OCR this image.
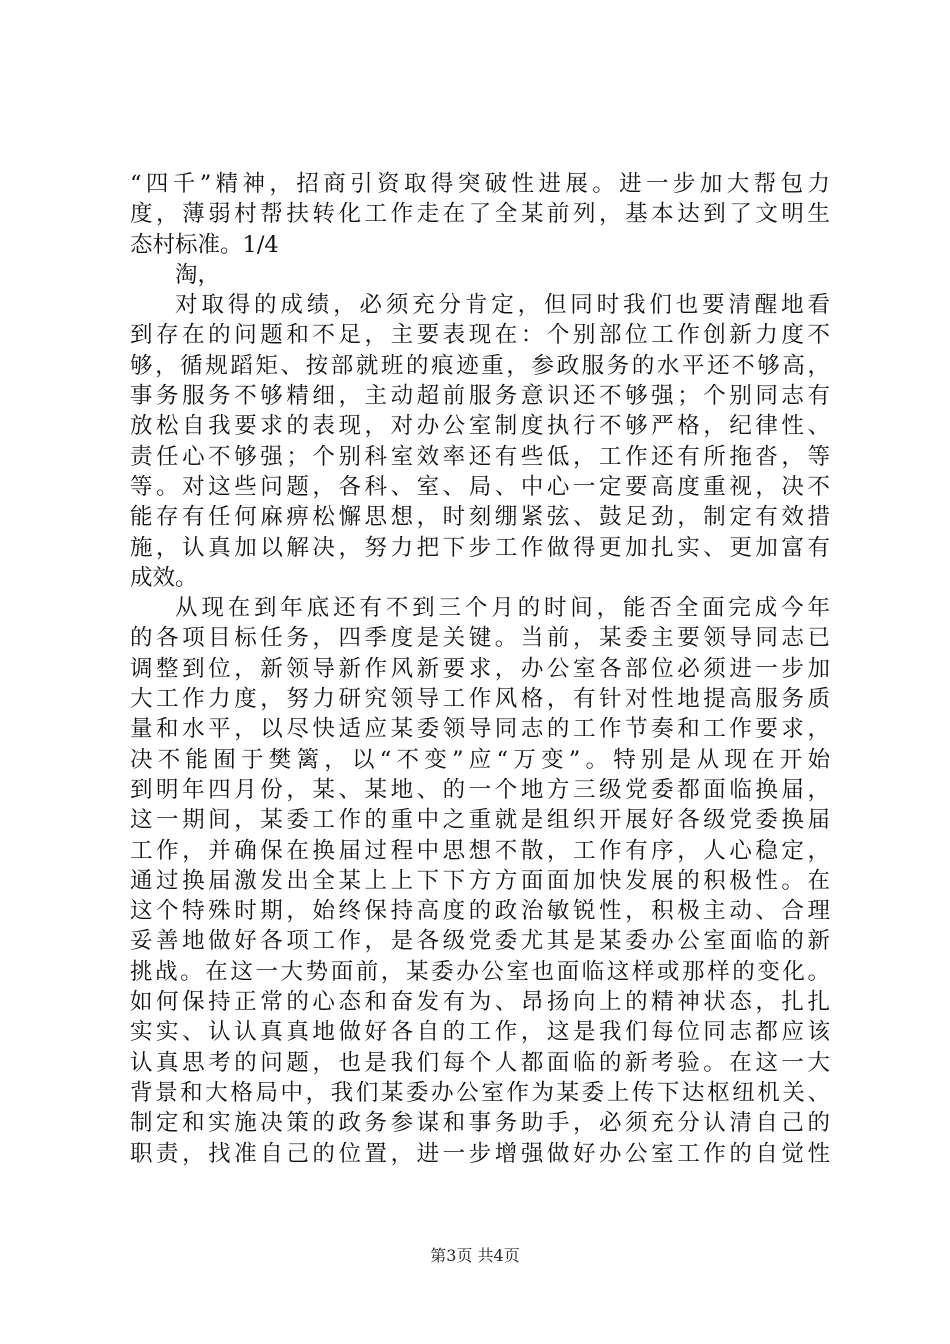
“四千”精神，招商引资取得突破性进展。进一步加大帮包力
度，薄弱村帮扶转化工作走在了全某前列，基本达到了文明生
态村标准。1/4
淘，
对取得的成绩，必须充分肯定，但同时我们也要清醒地看
到存在的问题和不足，主要表现在：个别部位工作创新力度不
够，循规蹈矩、按部就班的痕迹重，参政服务的水平还不够高，
事务服务不够精细，主动超前服务意识还不够强；个别同志有
放松自我要求的表现，对办公室制度执行不够严格，纪律性、
责任心不够强；个别科室效率还有些低，工作还有所拖沓，等
等。对这些问题，各科、室、局、中心一定要高度重视，决不
能存有任何麻痹松懈思想，时刻绷紧弦、鼓足劲，制定有效措
施，认真加以解决，努力把下步工作做得更加扎实、更加富有
成效。
从现在到年底还有不到三个月的时间，能否全面完成今年
的各项目标任务，四季度是关键。当前，某委主要领导同志已
调整到位，新领导新作风新要求，办公室各部位必须进一步加
大工作力度，努力研究领导工作风格，有针对性地提高服务质
量和水平，以尽快适应某委领导同志的工作节奏和工作要求，
决不能囿于樊篱，以“不变”应“万变”。特别是从现在开始
到明年四月份，某、某地、的一个地方三级党委都面临换届，
这一期间，某委工作的重中之重就是组织开展好各级党委换届
工作，并确保在换届过程中思想不散，工作有序，人心稳定，
通过换届激发出全某上上下下方方面面加快发展的积极性。在
这个特殊时期，始终保持高度的政治敏锐性，积极主动、合理
妥善地做好各项工作，是各级党委尤其是某委办公室面临的新
挑战。在这一大势面前，某委办公室也面临这样或那样的变化。
如何保持正常的心态和奋发有为、昂扬向上的精神状态，扎扎
实实、认认真真地做好各自的工作，这是我们每位同志都应该
认真思考的问题，也是我们每个人都面临的新考验。在这一大
背景和大格局中，我们某委办公室作为某委上传下达枢纽机关、
制定和实施决策的政务参谋和事务助手，必须充分认清自己的
职责，找准自己的位置，进一步增强做好办公室工作的自觉性
第3页 共4页
